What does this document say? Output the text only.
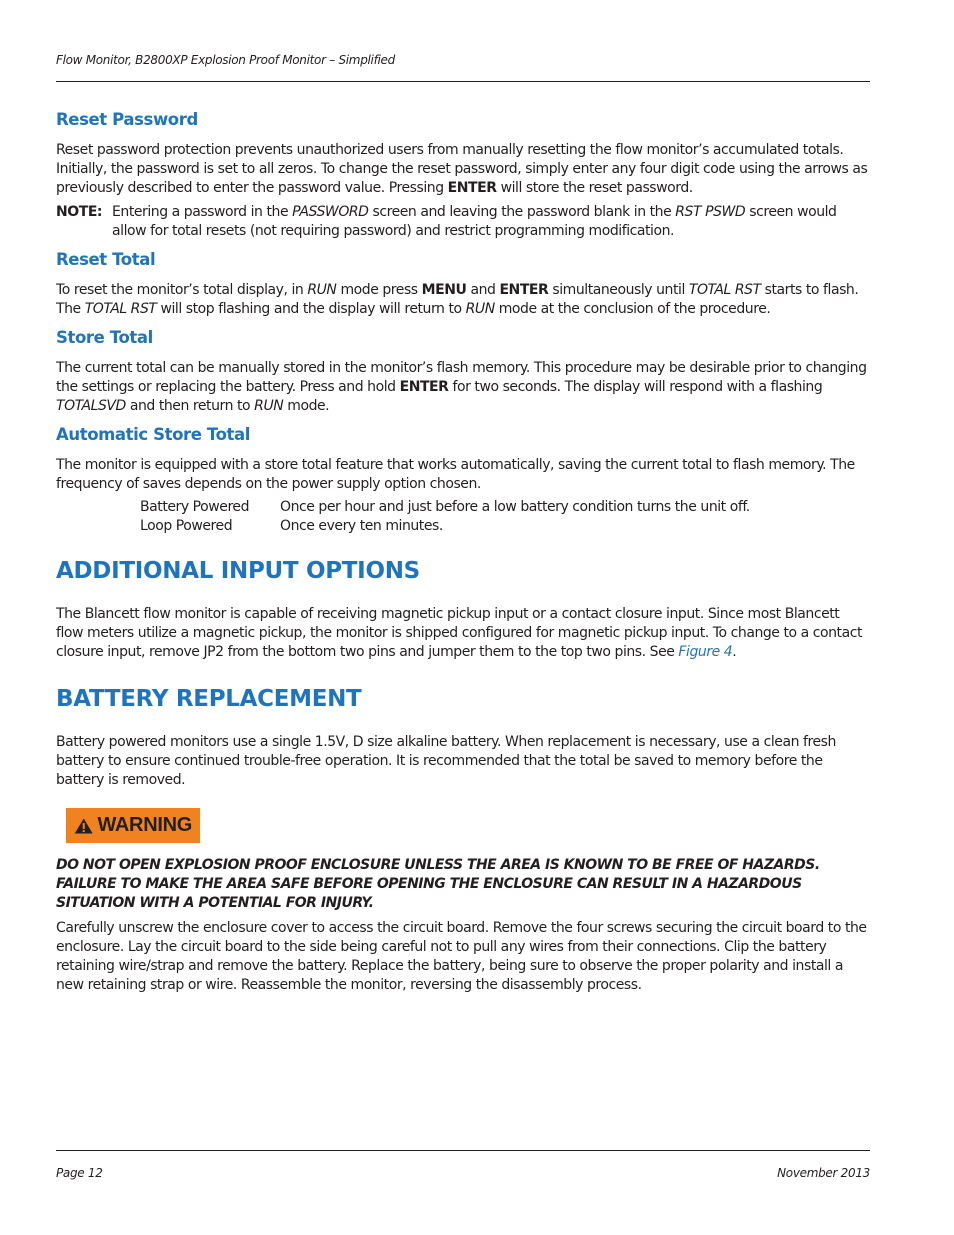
Flow Monitor, B2800XP Explosion Proof Monitor – Simplified
Reset Password

Reset password protection prevents unauthorized users from manually resetting the flow monitor’s accumulated totals. Initially, the password is set to all zeros. To change the reset password, simply enter any four digit code using the arrows as previously described to enter the password value. Pressing ENTER will store the reset password.

NOTE: Entering a password in the PASSWORD screen and leaving the password blank in the RST PSWD screen would allow for total resets (not requiring password) and restrict programming modification.
Reset Total

To reset the monitor’s total display, in RUN mode press MENU and ENTER simultaneously until TOTAL RST starts to flash. The TOTAL RST will stop flashing and the display will return to RUN mode at the conclusion of the procedure.

Store Total

The current total can be manually stored in the monitor’s flash memory. This procedure may be desirable prior to changing the settings or replacing the battery. Press and hold ENTER for two seconds. The display will respond with a flashing TOTALSVD and then return to RUN mode.

Automatic Store Total

The monitor is equipped with a store total feature that works automatically, saving the current total to flash memory. The frequency of saves depends on the power supply option chosen.

Battery Powered	Once per hour and just before a low battery condition turns the unit off.
Loop Powered	Once every ten minutes.
ADDITIONAL INPUT OPTIONS

The Blancett flow monitor is capable of receiving magnetic pickup input or a contact closure input. Since most Blancett flow meters utilize a magnetic pickup, the monitor is shipped configured for magnetic pickup input. To change to a contact closure input, remove JP2 from the bottom two pins and jumper them to the top two pins. See Figure 4.

BATTERY REPLACEMENT

Battery powered monitors use a single 1.5V, D size alkaline battery. When replacement is necessary, use a clean fresh battery to ensure continued trouble-free operation. It is recommended that the total be saved to memory before the battery is removed.

WARNING

DO NOT OPEN EXPLOSION PROOF ENCLOSURE UNLESS THE AREA IS KNOWN TO BE FREE OF HAZARDS. FAILURE TO MAKE THE AREA SAFE BEFORE OPENING THE ENCLOSURE CAN RESULT IN A HAZARDOUS SITUATION WITH A POTENTIAL FOR INJURY.

Carefully unscrew the enclosure cover to access the circuit board. Remove the four screws securing the circuit board to the enclosure. Lay the circuit board to the side being careful not to pull any wires from their connections. Clip the battery retaining wire/strap and remove the battery. Replace the battery, being sure to observe the proper polarity and install a new retaining strap or wire. Reassemble the monitor, reversing the disassembly process.

Page 12	November 2013
